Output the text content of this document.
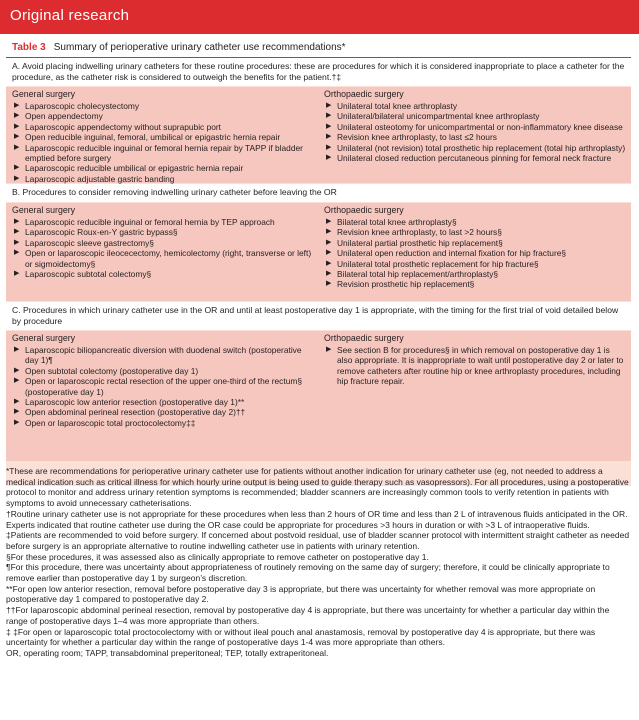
Original research
Table 3 Summary of perioperative urinary catheter use recommendations*
A. Avoid placing indwelling urinary catheters for these routine procedures: these are procedures for which it is considered inappropriate to place a catheter for the procedure, as the catheter risk is considered to outweigh the benefits for the patient.†‡
General surgery
▶ Laparoscopic cholecystectomy
▶ Open appendectomy
▶ Laparoscopic appendectomy without suprapubic port
▶ Open reducible inguinal, femoral, umbilical or epigastric hernia repair
▶ Laparoscopic reducible inguinal or femoral hernia repair by TAPP if bladder emptied before surgery
▶ Laparoscopic reducible umbilical or epigastric hernia repair
▶ Laparoscopic adjustable gastric banding
Orthopaedic surgery
▶ Unilateral total knee arthroplasty
▶ Unilateral/bilateral unicompartmental knee arthroplasty
▶ Unilateral osteotomy for unicompartmental or non-inflammatory knee disease
▶ Revision knee arthroplasty, to last ≤2 hours
▶ Unilateral (not revision) total prosthetic hip replacement (total hip arthroplasty)
▶ Unilateral closed reduction percutaneous pinning for femoral neck fracture
B. Procedures to consider removing indwelling urinary catheter before leaving the OR
General surgery
▶ Laparoscopic reducible inguinal or femoral hernia by TEP approach
▶ Laparoscopic Roux-en-Y gastric bypass§
▶ Laparoscopic sleeve gastrectomy§
▶ Open or laparoscopic ileocecectomy, hemicolectomy (right, transverse or left) or sigmoidectomy§
▶ Laparoscopic subtotal colectomy§
Orthopaedic surgery
▶ Bilateral total knee arthroplasty§
▶ Revision knee arthroplasty, to last >2 hours§
▶ Unilateral partial prosthetic hip replacement§
▶ Unilateral open reduction and internal fixation for hip fracture§
▶ Unilateral total prosthetic replacement for hip fracture§
▶ Bilateral total hip replacement/arthroplasty§
▶ Revision prosthetic hip replacement§
C. Procedures in which urinary catheter use in the OR and until at least postoperative day 1 is appropriate, with the timing for the first trial of void detailed below by procedure
General surgery
▶ Laparoscopic biliopancreatic diversion with duodenal switch (postoperative day 1)¶
▶ Open subtotal colectomy (postoperative day 1)
▶ Open or laparoscopic rectal resection of the upper one-third of the rectum§ (postoperative day 1)
▶ Laparoscopic low anterior resection (postoperative day 1)**
▶ Open abdominal perineal resection (postoperative day 2)††
▶ Open or laparoscopic total proctocolectomy‡‡
Orthopaedic surgery
▶ See section B for procedures§ in which removal on postoperative day 1 is also appropriate. It is inappropriate to wait until postoperative day 2 or later to remove catheters after routine hip or knee arthroplasty procedures, including hip fracture repair.

*These are recommendations for perioperative urinary catheter use for patients without another indication for urinary catheter use (eg, not needed to address a medical indication such as critical illness for which hourly urine output is being used to guide therapy such as vasopressors). For all procedures, using a postoperative protocol to monitor and address urinary retention symptoms is recommended; bladder scanners are increasingly common tools to verify retention in patients with symptoms to avoid unnecessary catheterisations.

†Routine urinary catheter use is not appropriate for these procedures when less than 2 hours of OR time and less than 2 L of intravenous fluids anticipated in the OR. Experts indicated that routine catheter use during the OR case could be appropriate for procedures >3 hours in duration or with >3 L of intraoperative fluids.

‡Patients are recommended to void before surgery. If concerned about postvoid residual, use of bladder scanner protocol with intermittent straight catheter as needed before surgery is an appropriate alternative to routine indwelling catheter use in patients with urinary retention.

§For these procedures, it was assessed also as clinically appropriate to remove catheter on postoperative day 1.

¶For this procedure, there was uncertainty about appropriateness of routinely removing on the same day of surgery; therefore, it could be clinically appropriate to remove earlier than postoperative day 1 by surgeon’s discretion.

**For open low anterior resection, removal before postoperative day 3 is appropriate, but there was uncertainty for whether removal was more appropriate on postoperative day 1 compared to postoperative day 2.

††For laparoscopic abdominal perineal resection, removal by postoperative day 4 is appropriate, but there was uncertainty for whether a particular day within the range of postoperative days 1–4 was more appropriate than others.

‡ ‡For open or laparoscopic total proctocolectomy with or without ileal pouch anal anastamosis, removal by postoperative day 4 is appropriate, but there was uncertainty for whether a particular day within the range of postoperative days 1-4 was more appropriate than others.

OR, operating room; TAPP, transabdominal preperitoneal; TEP, totally extraperitoneal.
